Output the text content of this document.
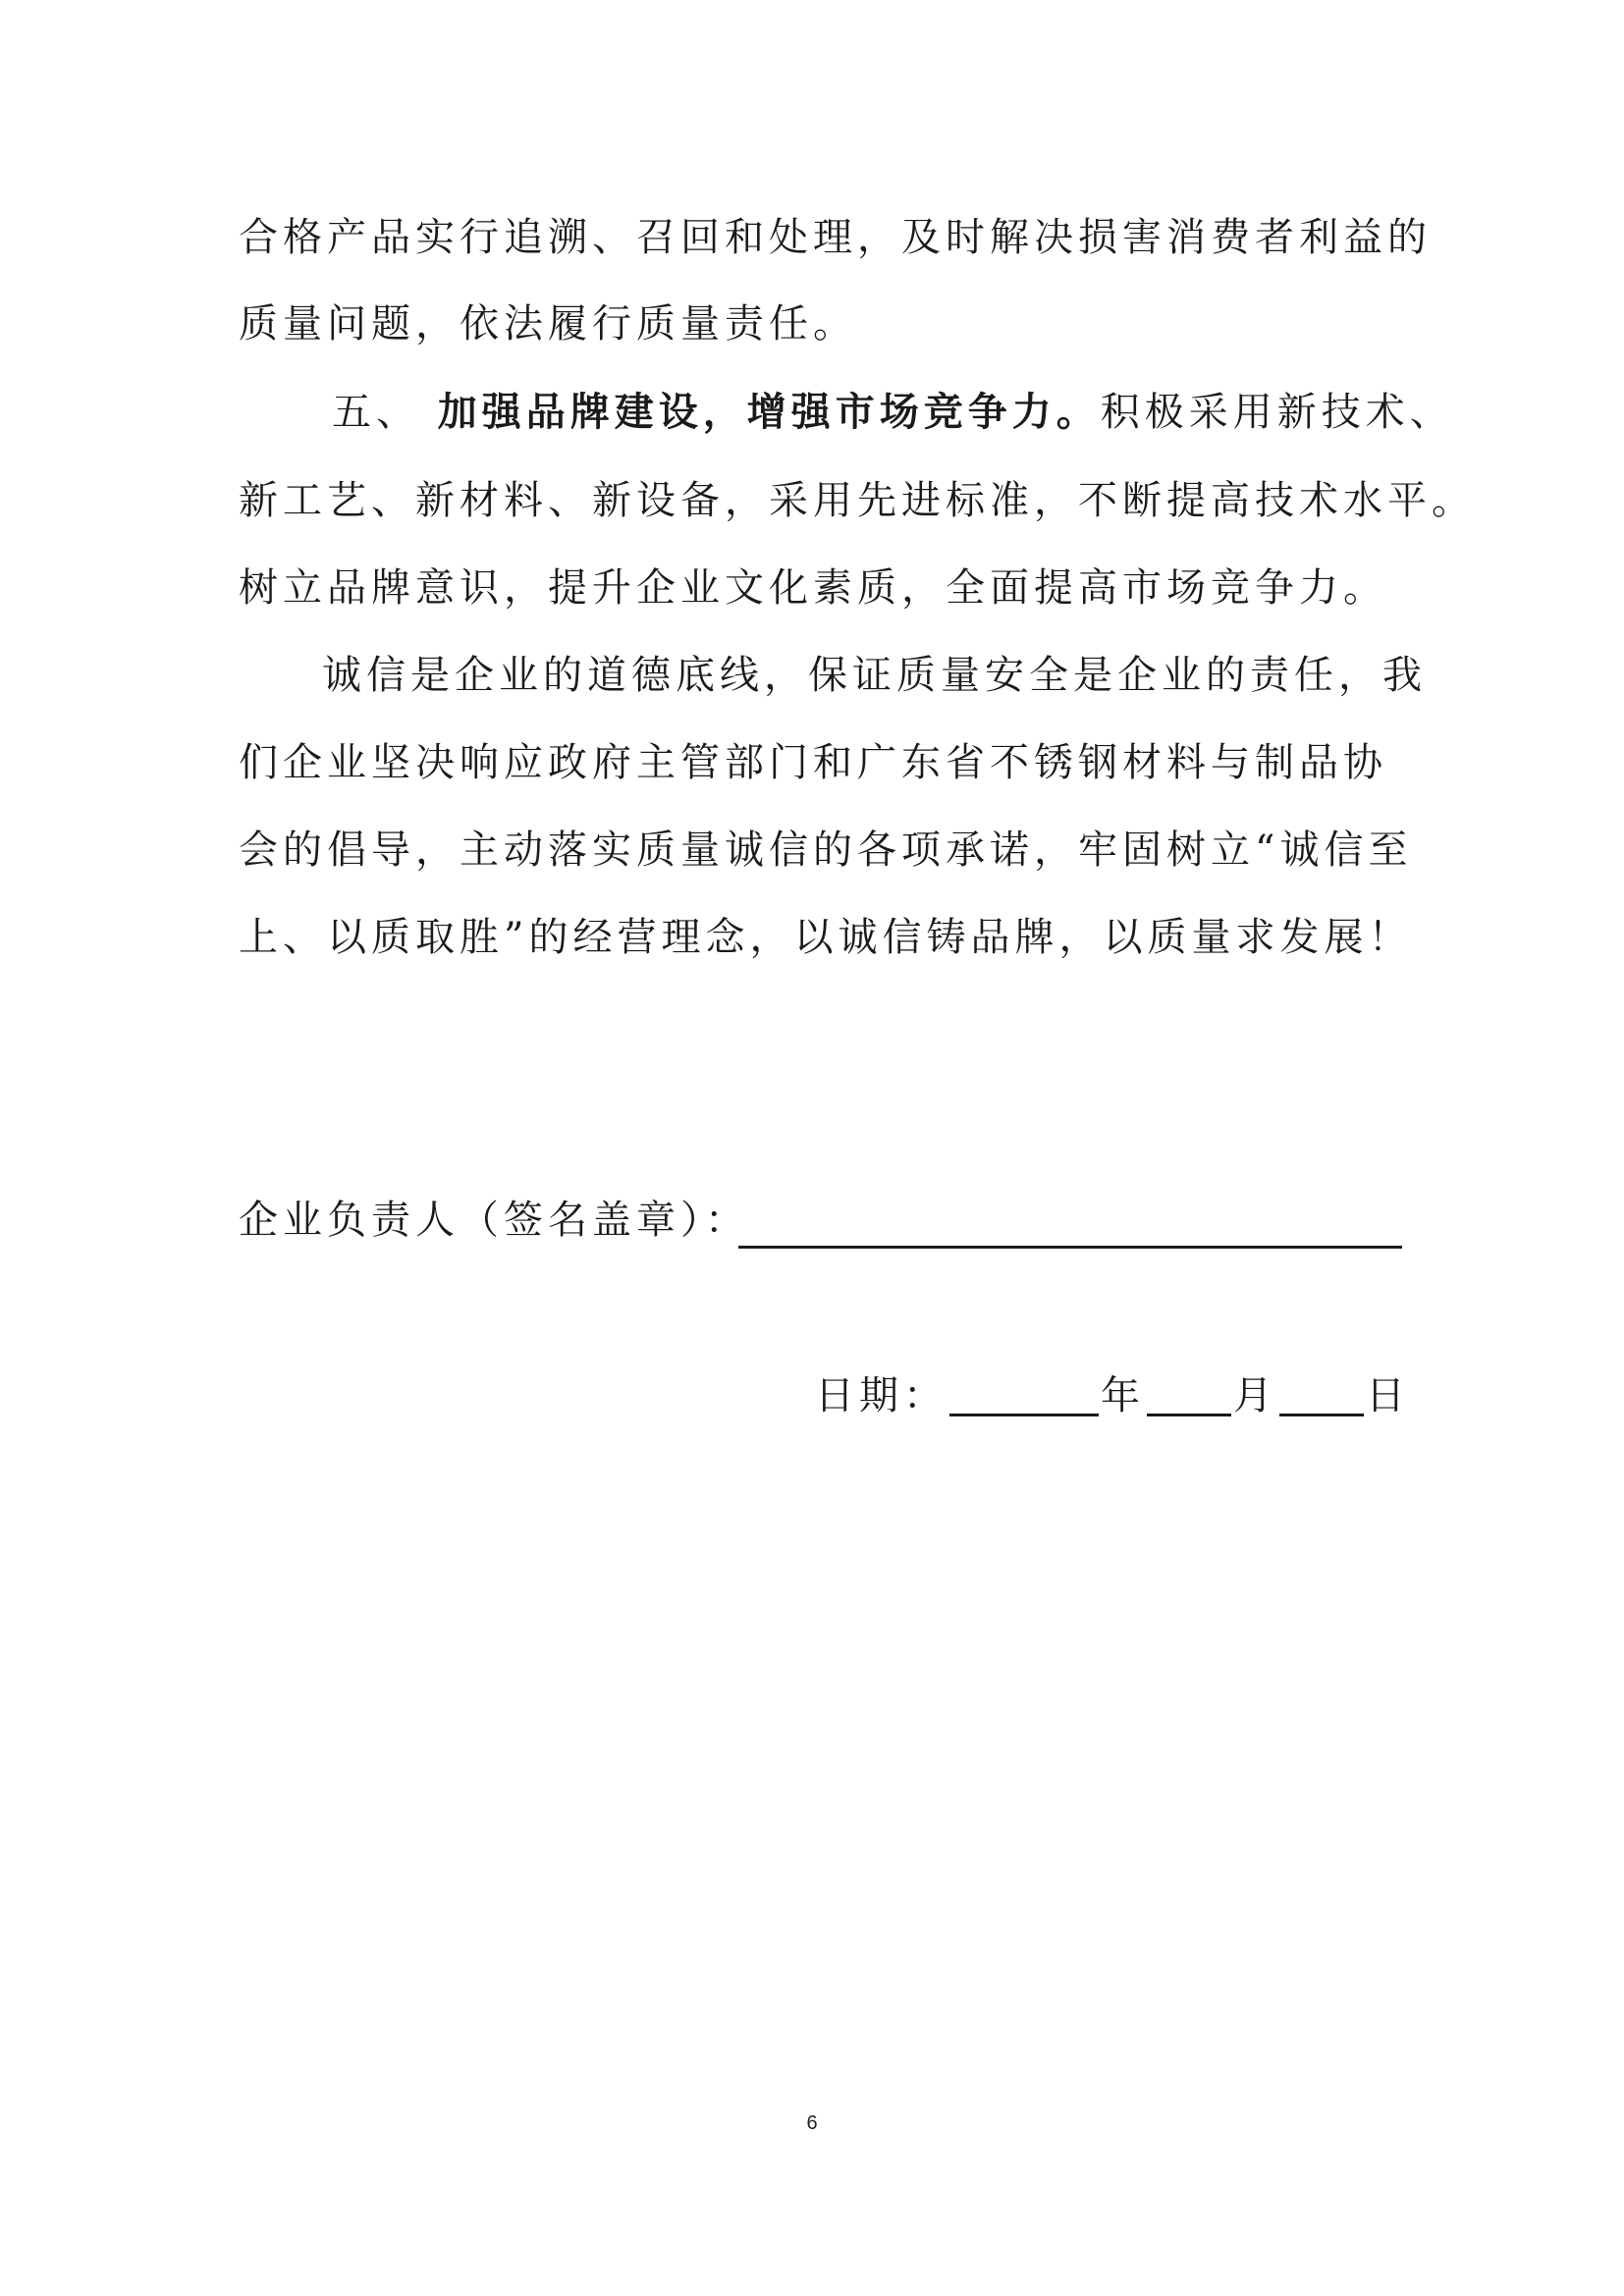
合格产品实行追溯、召回和处理，及时解决损害消费者利益的
质量问题，依法履行质量责任。
五、 加强品牌建设，增强市场竞争力。积极采用新技术、
新工艺、新材料、新设备，采用先进标准，不断提高技术水平。
树立品牌意识，提升企业文化素质，全面提高市场竞争力。
诚信是企业的道德底线，保证质量安全是企业的责任，我
们企业坚决响应政府主管部门和广东省不锈钢材料与制品协
会的倡导，主动落实质量诚信的各项承诺，牢固树立“诚信至
上、以质取胜”的经营理念，以诚信铸品牌，以质量求发展！
企业负责人（签名盖章）：
日期：	年 月 日
6
